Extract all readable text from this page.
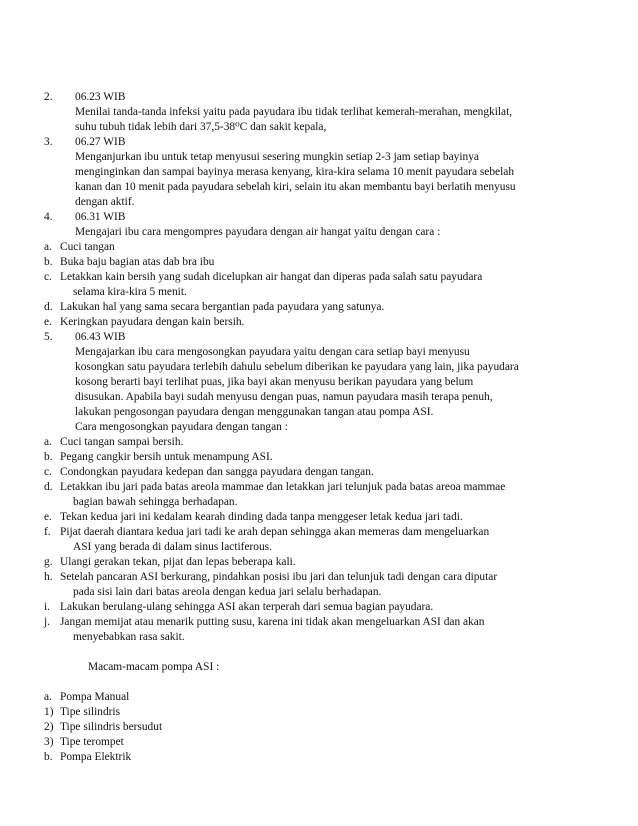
2. 06.23 WIB
Menilai tanda-tanda infeksi yaitu pada payudara ibu tidak terlihat kemerah-merahan, mengkilat,
suhu tubuh tidak lebih dari 37,5-38⁰C dan sakit kepala,
3. 06.27 WIB
Menganjurkan ibu untuk tetap menyusui sesering mungkin setiap 2-3 jam setiap bayinya
menginginkan dan sampai bayinya merasa kenyang, kira-kira selama 10 menit payudara sebelah
kanan dan 10 menit pada payudara sebelah kiri, selain itu akan membantu bayi berlatih menyusu
dengan aktif.
4. 06.31 WIB
Mengajari ibu cara mengompres payudara dengan air hangat yaitu dengan cara :
a. Cuci tangan
b. Buka baju bagian atas dab bra ibu
c. Letakkan kain bersih yang sudah dicelupkan air hangat dan diperas pada salah satu payudara
selama kira-kira 5 menit.
d. Lakukan hal yang sama secara bergantian pada payudara yang satunya.
e. Keringkan payudara dengan kain bersih.
5. 06.43 WIB
Mengajarkan ibu cara mengosongkan payudara yaitu dengan cara setiap bayi menyusu
kosongkan satu payudara terlebih dahulu sebelum diberikan ke payudara yang lain, jika payudara
kosong berarti bayi terlihat puas, jika bayi akan menyusu berikan payudara yang belum
disusukan. Apabila bayi sudah menyusu dengan puas, namun payudara masih terapa penuh,
lakukan pengosongan payudara dengan menggunakan tangan atau pompa ASI.
Cara mengosongkan payudara dengan tangan :
a. Cuci tangan sampai bersih.
b. Pegang cangkir bersih untuk menampung ASI.
c. Condongkan payudara kedepan dan sangga payudara dengan tangan.
d. Letakkan ibu jari pada batas areola mammae dan letakkan jari telunjuk pada batas areoa mammae
bagian bawah sehingga berhadapan.
e. Tekan kedua jari ini kedalam kearah dinding dada tanpa menggeser letak kedua jari tadi.
f. Pijat daerah diantara kedua jari tadi ke arah depan sehingga akan memeras dam mengeluarkan
ASI yang berada di dalam sinus lactiferous.
g. Ulangi gerakan tekan, pijat dan lepas beberapa kali.
h. Setelah pancaran ASI berkurang, pindahkan posisi ibu jari dan telunjuk tadi dengan cara diputar
pada sisi lain dari batas areola dengan kedua jari selalu berhadapan.
i. Lakukan berulang-ulang sehingga ASI akan terperah dari semua bagian payudara.
j. Jangan memijat atau menarik putting susu, karena ini tidak akan mengeluarkan ASI dan akan
menyebabkan rasa sakit.
Macam-macam pompa ASI :
a. Pompa Manual
1) Tipe silindris
2) Tipe silindris bersudut
3) Tipe terompet
b. Pompa Elektrik
